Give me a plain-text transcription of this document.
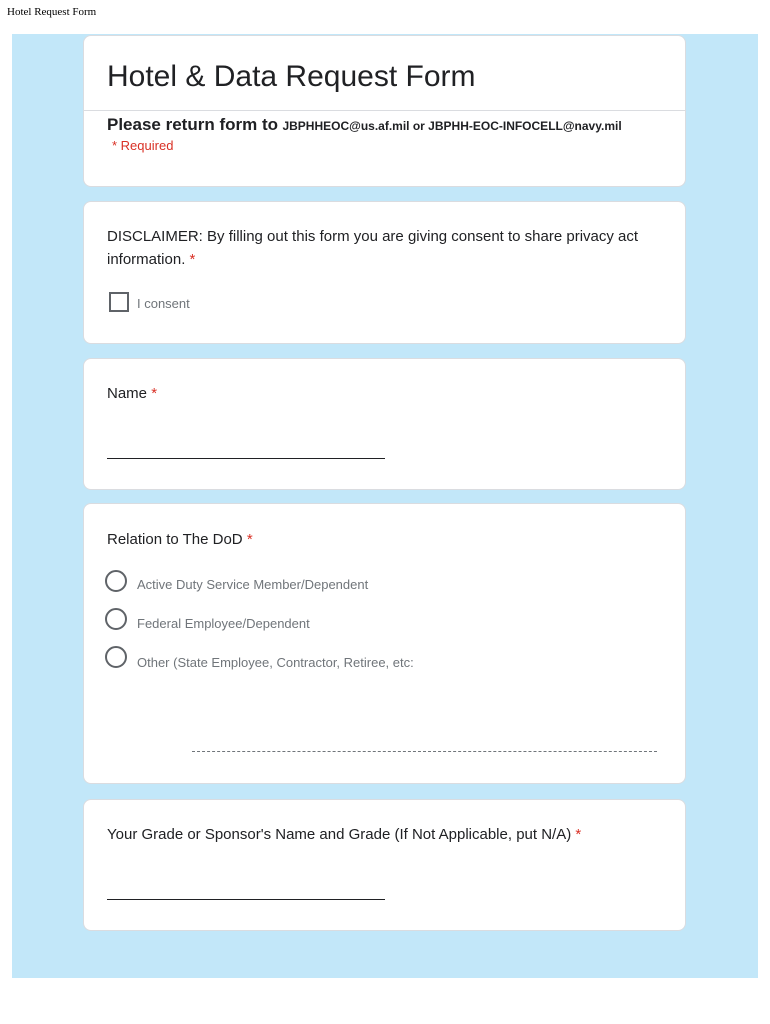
Hotel Request Form
Hotel & Data Request Form
Please return form to JBPHHEOC@us.af.mil or JBPHH-EOC-INFOCELL@navy.mil
* Required
DISCLAIMER: By filling out this form you are giving consent to share privacy act information. *
I consent
Name *
Relation to The DoD *
Active Duty Service Member/Dependent
Federal Employee/Dependent
Other (State Employee, Contractor, Retiree, etc:
Your Grade or Sponsor's Name and Grade (If Not Applicable, put N/A) *
